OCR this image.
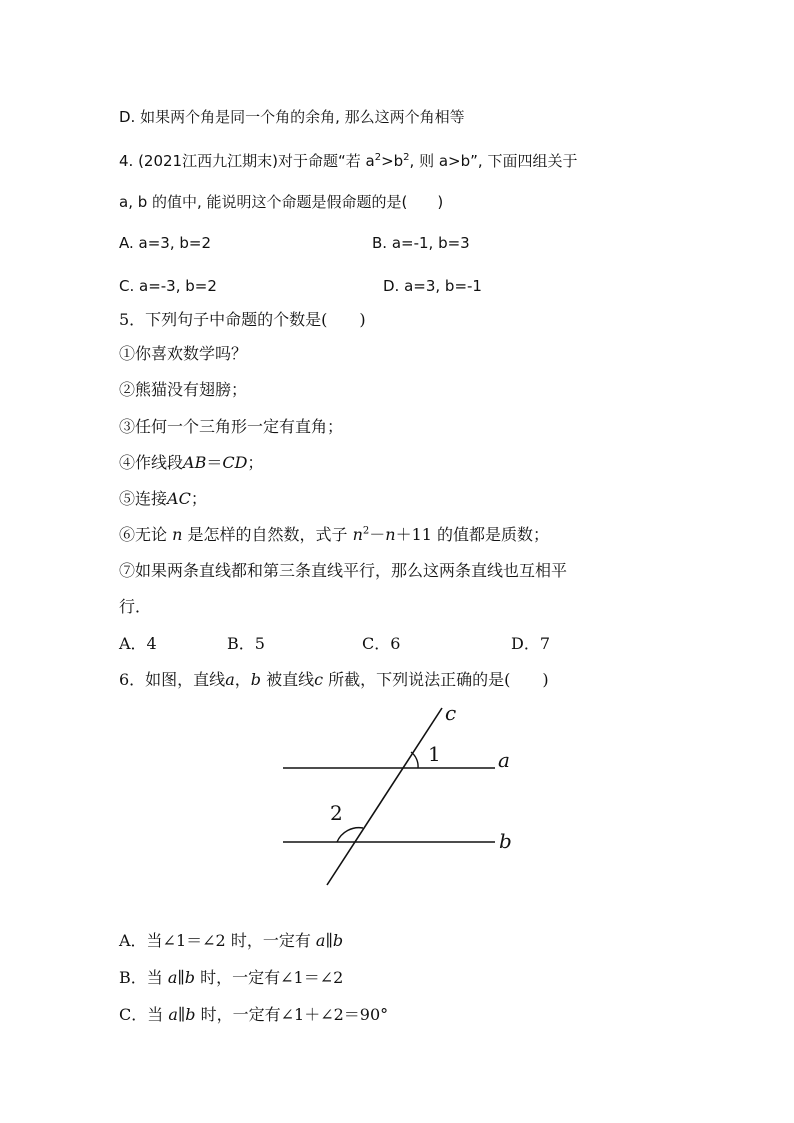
D. 如果两个角是同一个角的余角, 那么这两个角相等
4. (2021江西九江期末)对于命题“若 $a^2>b^2$, 则 a>b”, 下面四组关于
a, b 的值中, 能说明这个命题是假命题的是(　　)
A. a=3, b=2	B. a=-1, b=3
C. a=-3, b=2	D. a=3, b=-1
5．下列句子中命题的个数是(　　)
①你喜欢数学吗？
②熊猫没有翅膀；
③任何一个三角形一定有直角；
④作线段AB＝CD；
⑤连接AC；
⑥无论 n 是怎样的自然数，式子 $n^2-n+11$ 的值都是质数；
⑦如果两条直线都和第三条直线平行，那么这两条直线也互相平
行．
A．4	B．5	C．6	D．7
6．如图，直线a，b 被直线c 所截，下列说法正确的是(　　)
c
a
b
1
2
A．当∠1＝∠2 时，一定有 a∥b
B．当 a∥b 时，一定有∠1＝∠2
C．当 a∥b 时，一定有∠1＋∠2＝90°
